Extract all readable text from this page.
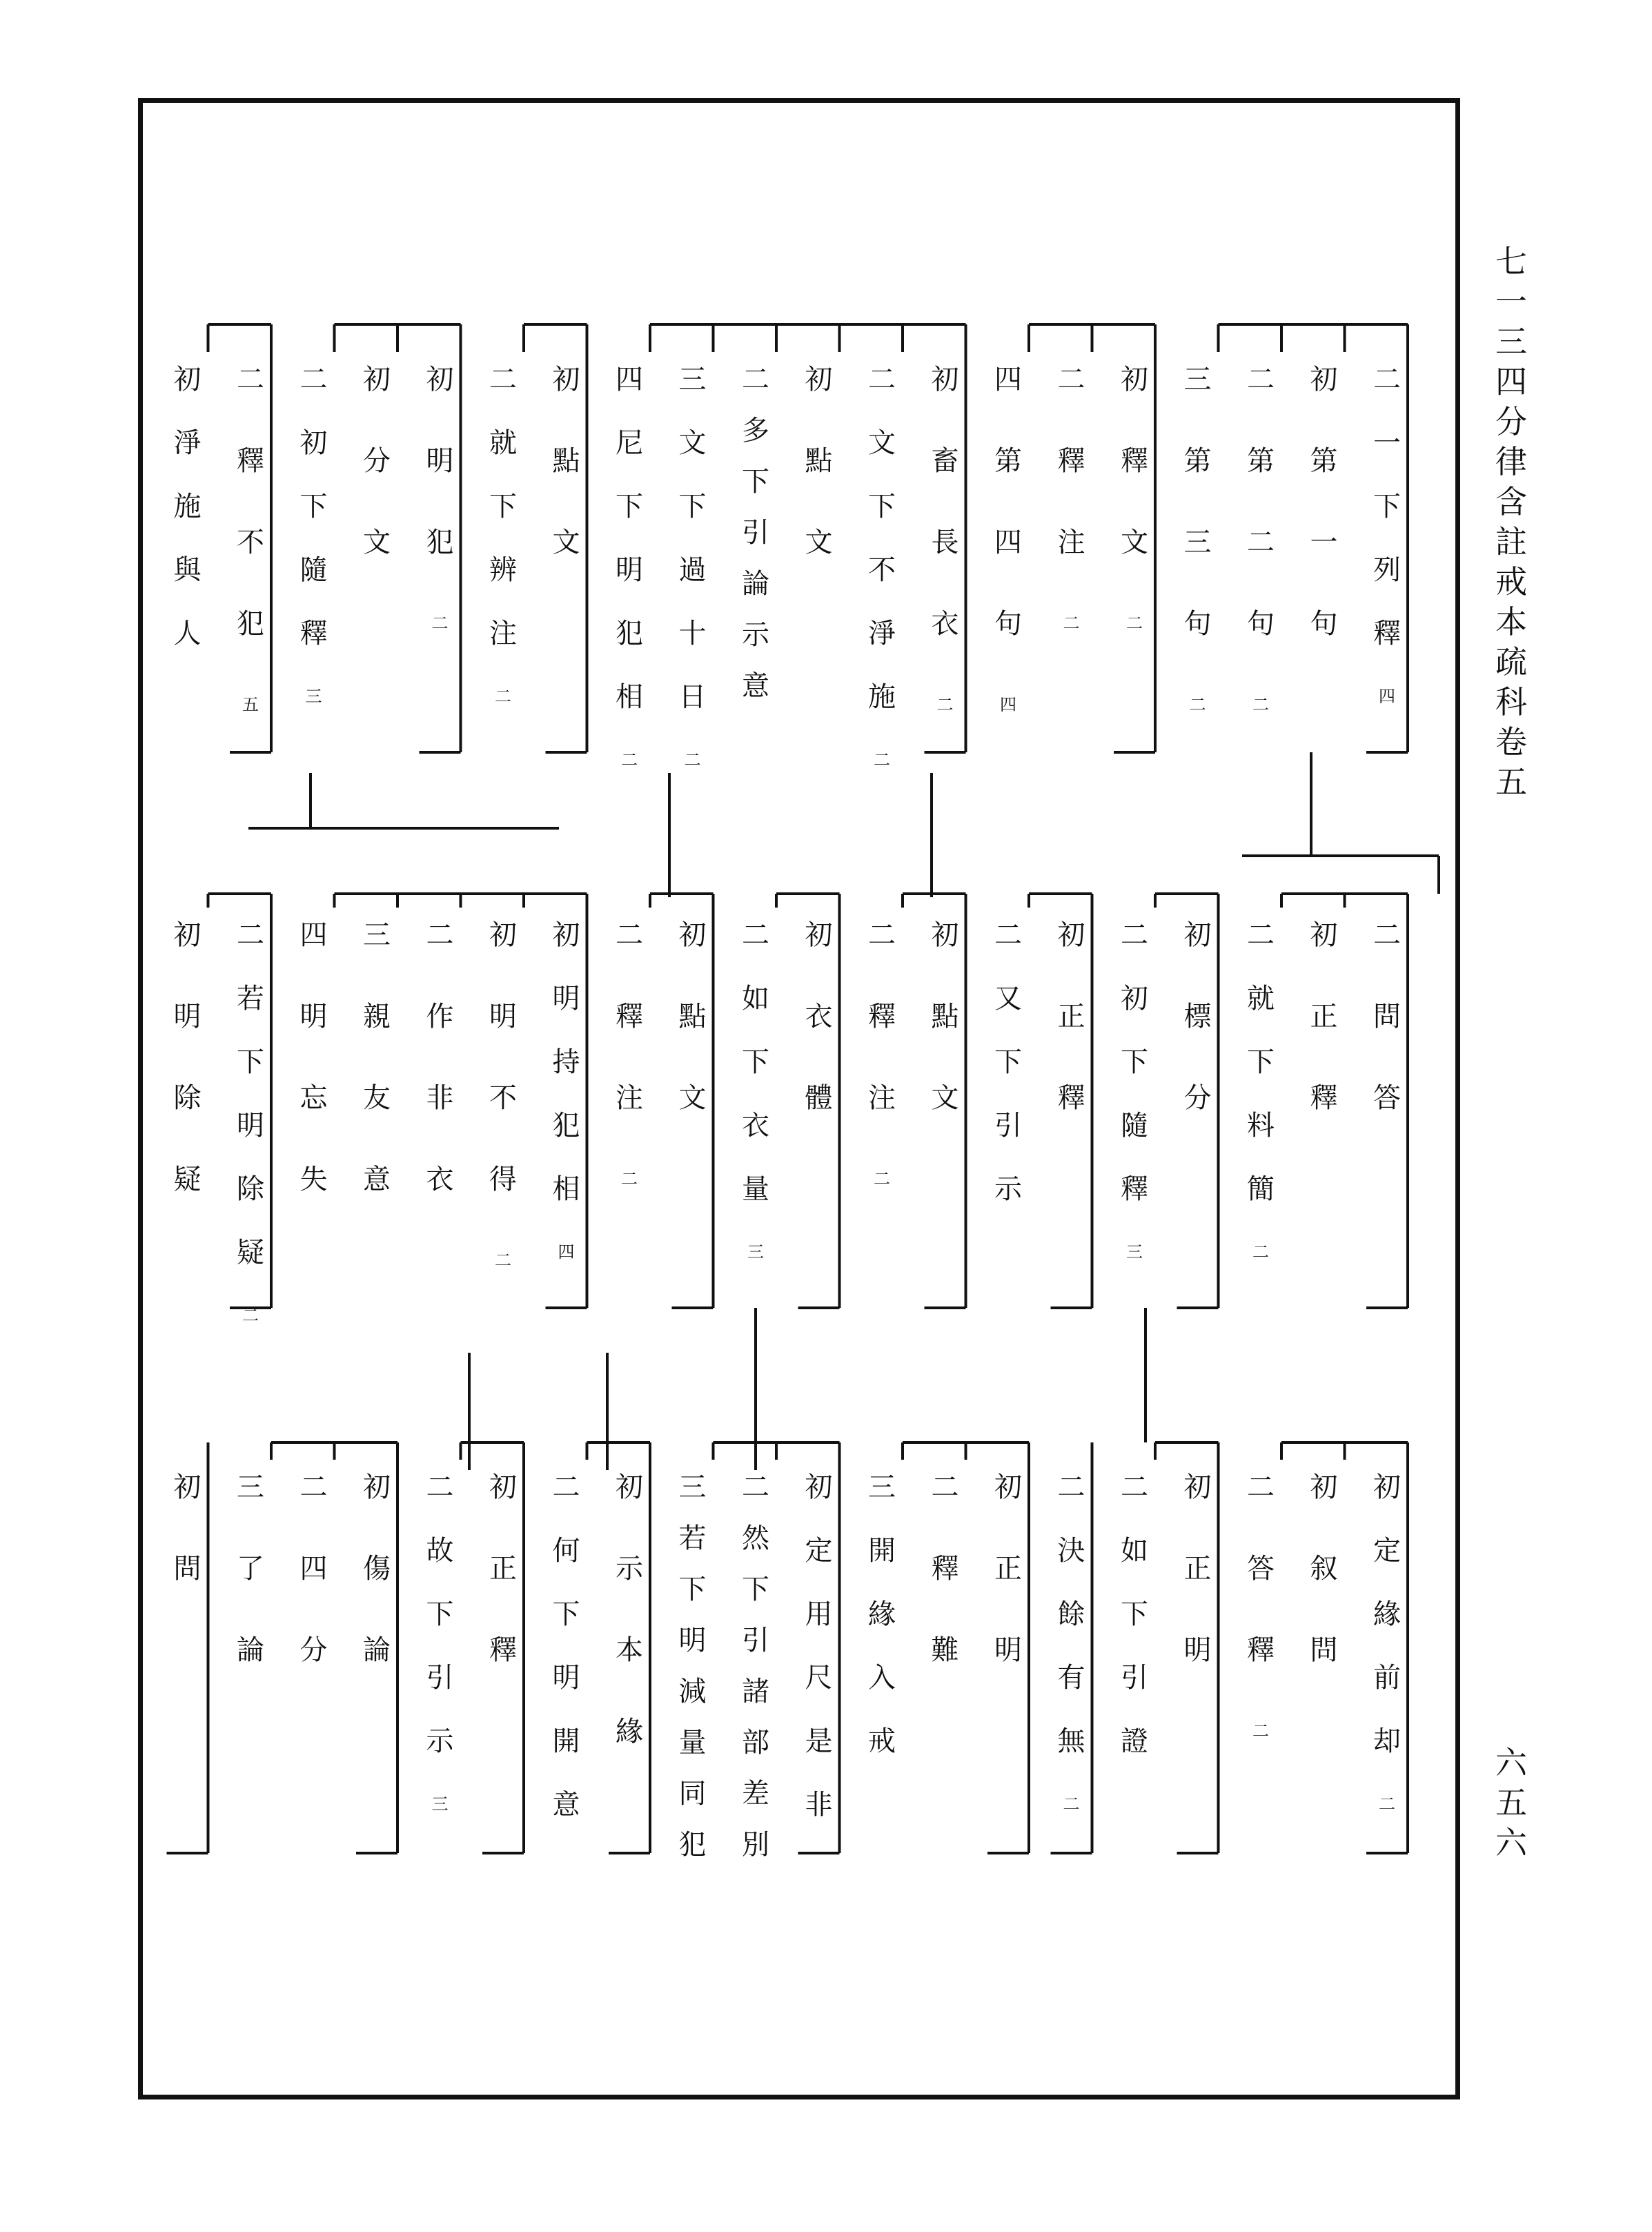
七一三
四分律含註戒本疏科卷五
六五六
二
一
下
列
釋
四
初
第
一
句
二
第
二
句
二
三
第
三
句
二
初
釋
文
二
二
釋
注
二
四
第
四
句
四
初
畜
長
衣
二
二
文
下
不
淨
施
二
初
點
文
二
多
下
引
論
示
意
三
文
下
過
十
日
二
四
尼
下
明
犯
相
二
初
點
文
二
就
下
辨
注
二
初
明
犯
二
初
分
文
二
初
下
隨
釋
三
二
釋
不
犯
五
初
淨
施
與
人
二
問
答
初
正
釋
二
就
下
料
簡
二
初
標
分
二
初
下
隨
釋
三
初
正
釋
二
又
下
引
示
初
點
文
二
釋
注
二
初
衣
體
二
如
下
衣
量
三
初
點
文
二
釋
注
二
初
明
持
犯
相
四
初
明
不
得
二
二
作
非
衣
三
親
友
意
四
明
忘
失
二
若
下
明
除
疑
二
初
明
除
疑
初
定
緣
前
却
二
初
叙
問
二
答
釋
二
初
正
明
二
如
下
引
證
二
決
餘
有
無
二
初
正
明
二
釋
難
三
開
緣
入
戒
初
定
用
尺
是
非
二
然
下
引
諸
部
差
別
三
若
下
明
減
量
同
犯
初
示
本
緣
二
何
下
明
開
意
初
正
釋
二
故
下
引
示
三
初
傷
論
二
四
分
三
了
論
初
問
